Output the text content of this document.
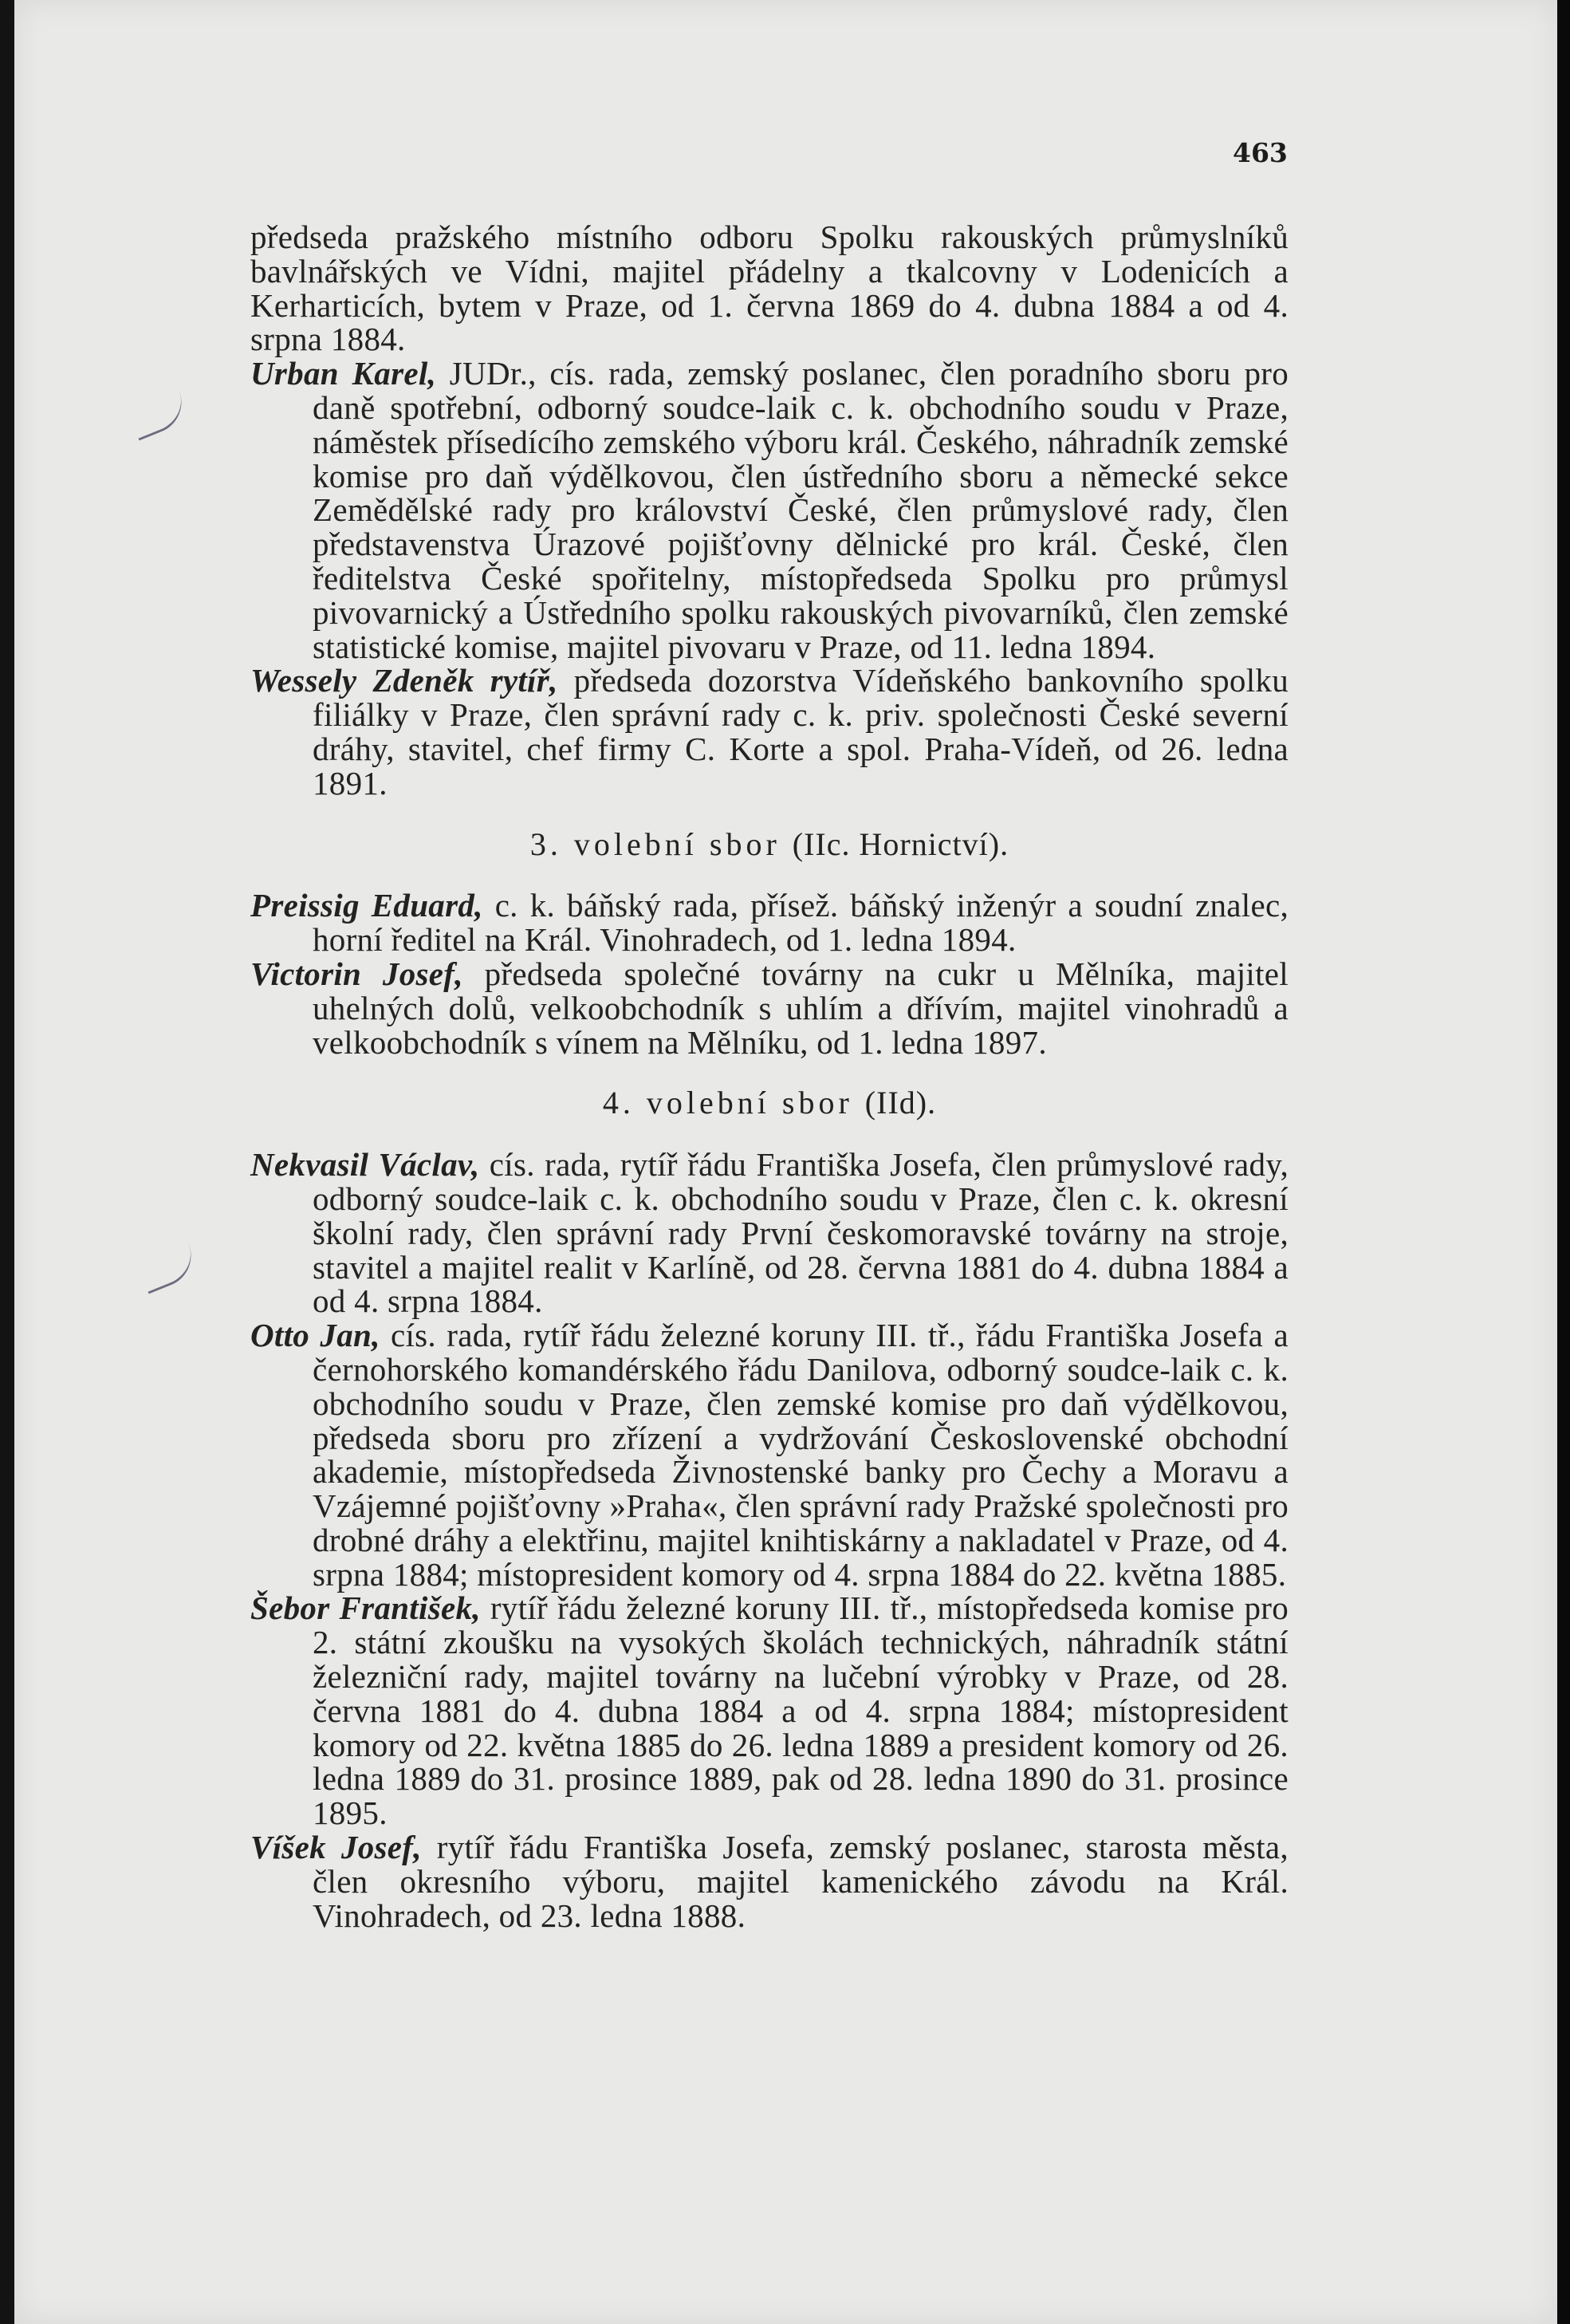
463

předseda pražského místního odboru Spolku rakouských průmyslníků bavlnářských ve Vídni, majitel přádelny a tkalcovny v Lodenicích a Kerharticích, bytem v Praze, od 1. června 1869 do 4. dubna 1884 a od 4. srpna 1884.

Urban Karel, JUDr., cís. rada, zemský poslanec, člen poradního sboru pro daně spotřební, odborný soudce-laik c. k. obchodního soudu v Praze, náměstek přísedícího zemského výboru král. Českého, náhradník zemské komise pro daň výdělkovou, člen ústředního sboru a německé sekce Zemědělské rady pro království České, člen průmyslové rady, člen představenstva Úrazové pojišťovny dělnické pro král. České, člen ředitelstva České spořitelny, místopředseda Spolku pro průmysl pivovarnický a Ústředního spolku rakouských pivovarníků, člen zemské statistické komise, majitel pivovaru v Praze, od 11. ledna 1894.

Wessely Zdeněk rytíř, předseda dozorstva Vídeňského bankovního spolku filiálky v Praze, člen správní rady c. k. priv. společnosti České severní dráhy, stavitel, chef firmy C. Korte a spol. Praha-Vídeň, od 26. ledna 1891.

3. volební sbor (IIc. Hornictví).

Preissig Eduard, c. k. báňský rada, přísež. báňský inženýr a soudní znalec, horní ředitel na Král. Vinohradech, od 1. ledna 1894.

Victorin Josef, předseda společné továrny na cukr u Mělníka, majitel uhelných dolů, velkoobchodník s uhlím a dřívím, majitel vinohradů a velkoobchodník s vínem na Mělníku, od 1. ledna 1897.

4. volební sbor (IId).

Nekvasil Václav, cís. rada, rytíř řádu Františka Josefa, člen průmyslové rady, odborný soudce-laik c. k. obchodního soudu v Praze, člen c. k. okresní školní rady, člen správní rady První českomoravské továrny na stroje, stavitel a majitel realit v Karlíně, od 28. června 1881 do 4. dubna 1884 a od 4. srpna 1884.

Otto Jan, cís. rada, rytíř řádu železné koruny III. tř., řádu Františka Josefa a černohorského komandérského řádu Danilova, odborný soudce-laik c. k. obchodního soudu v Praze, člen zemské komise pro daň výdělkovou, předseda sboru pro zřízení a vydržování Československé obchodní akademie, místopředseda Živnostenské banky pro Čechy a Moravu a Vzájemné pojišťovny »Praha«, člen správní rady Pražské společnosti pro drobné dráhy a elektřinu, majitel knihtiskárny a nakladatel v Praze, od 4. srpna 1884; místopresident komory od 4. srpna 1884 do 22. května 1885.

Šebor František, rytíř řádu železné koruny III. tř., místopředseda komise pro 2. státní zkoušku na vysokých školách technických, náhradník státní železniční rady, majitel továrny na lučební výrobky v Praze, od 28. června 1881 do 4. dubna 1884 a od 4. srpna 1884; místopresident komory od 22. května 1885 do 26. ledna 1889 a president komory od 26. ledna 1889 do 31. prosince 1889, pak od 28. ledna 1890 do 31. prosince 1895.

Víšek Josef, rytíř řádu Františka Josefa, zemský poslanec, starosta města, člen okresního výboru, majitel kamenického závodu na Král. Vinohradech, od 23. ledna 1888.
